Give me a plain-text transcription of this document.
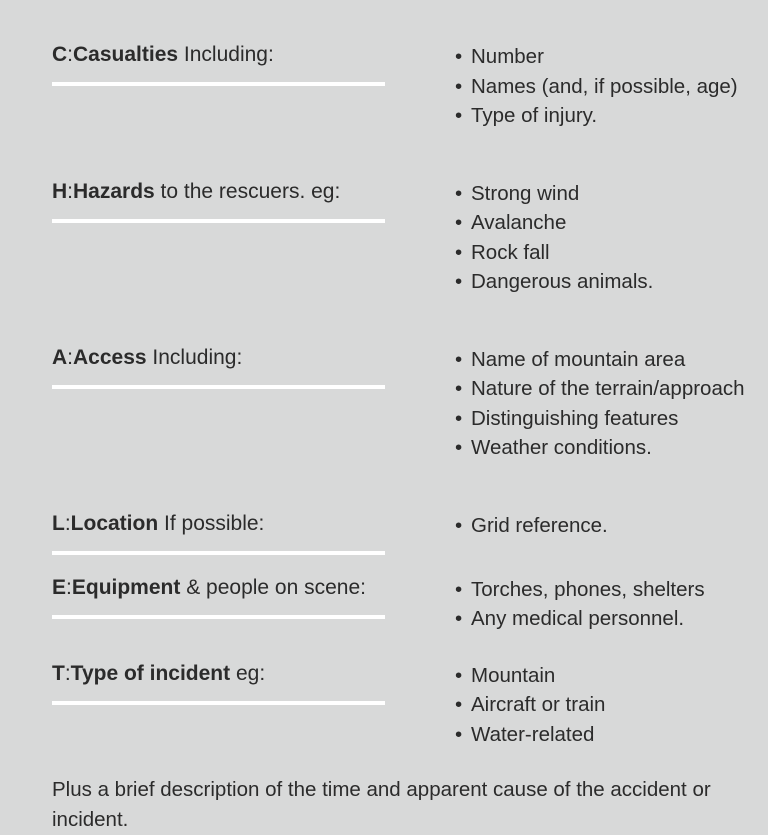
C:Casualties Including:	• Number
• Names (and, if possible, age)
• Type of injury.
H:Hazards to the rescuers. eg:	• Strong wind
• Avalanche
• Rock fall
• Dangerous animals.
A:Access Including:	• Name of mountain area
• Nature of the terrain/approach
• Distinguishing features
• Weather conditions.
L:Location If possible:	• Grid reference.
E:Equipment & people on scene:	• Torches, phones, shelters
• Any medical personnel.
T:Type of incident eg:	• Mountain
• Aircraft or train
• Water-related
Plus a brief description of the time and apparent cause of the accident or incident.
